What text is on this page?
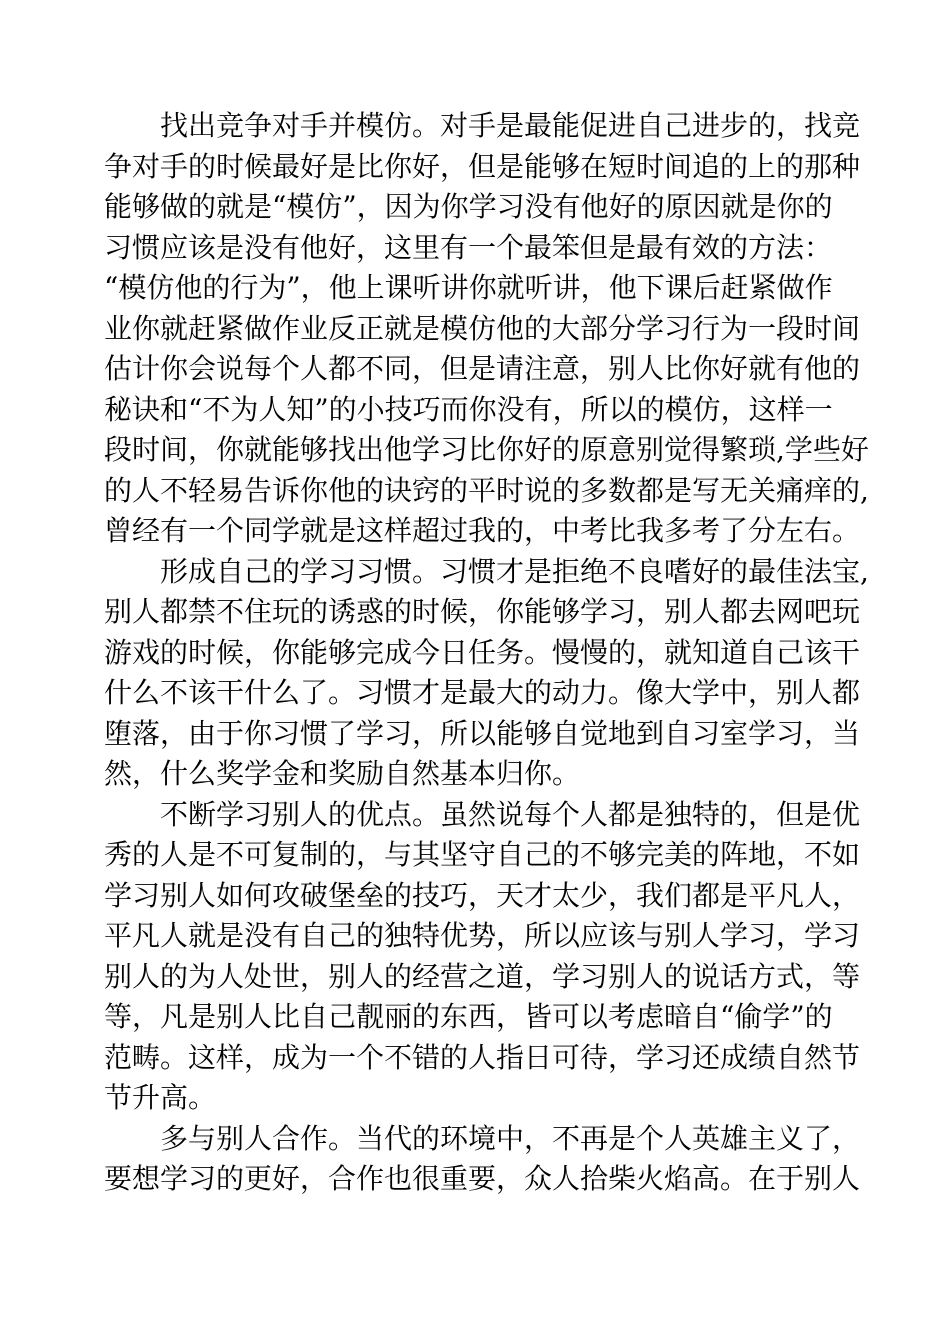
找出竞争对手并模仿。对手是最能促进自己进步的，找竞
争对手的时候最好是比你好，但是能够在短时间追的上的那种
能够做的就是“模仿”，因为你学习没有他好的原因就是你的
习惯应该是没有他好，这里有一个最笨但是最有效的方法：
“模仿他的行为”，他上课听讲你就听讲，他下课后赶紧做作
业你就赶紧做作业反正就是模仿他的大部分学习行为一段时间
估计你会说每个人都不同，但是请注意，别人比你好就有他的
秘诀和“不为人知”的小技巧而你没有，所以的模仿，这样一
段时间，你就能够找出他学习比你好的原意别觉得繁琐,学些好
的人不轻易告诉你他的诀窍的平时说的多数都是写无关痛痒的,
曾经有一个同学就是这样超过我的，中考比我多考了分左右。
形成自己的学习习惯。习惯才是拒绝不良嗜好的最佳法宝,
别人都禁不住玩的诱惑的时候，你能够学习，别人都去网吧玩
游戏的时候，你能够完成今日任务。慢慢的，就知道自己该干
什么不该干什么了。习惯才是最大的动力。像大学中，别人都
堕落，由于你习惯了学习，所以能够自觉地到自习室学习，当
然，什么奖学金和奖励自然基本归你。
不断学习别人的优点。虽然说每个人都是独特的，但是优
秀的人是不可复制的，与其坚守自己的不够完美的阵地，不如
学习别人如何攻破堡垒的技巧，天才太少，我们都是平凡人，
平凡人就是没有自己的独特优势，所以应该与别人学习，学习
别人的为人处世，别人的经营之道，学习别人的说话方式，等
等，凡是别人比自己靓丽的东西，皆可以考虑暗自“偷学”的
范畴。这样，成为一个不错的人指日可待，学习还成绩自然节
节升高。
多与别人合作。当代的环境中，不再是个人英雄主义了，
要想学习的更好，合作也很重要，众人拾柴火焰高。在于别人
